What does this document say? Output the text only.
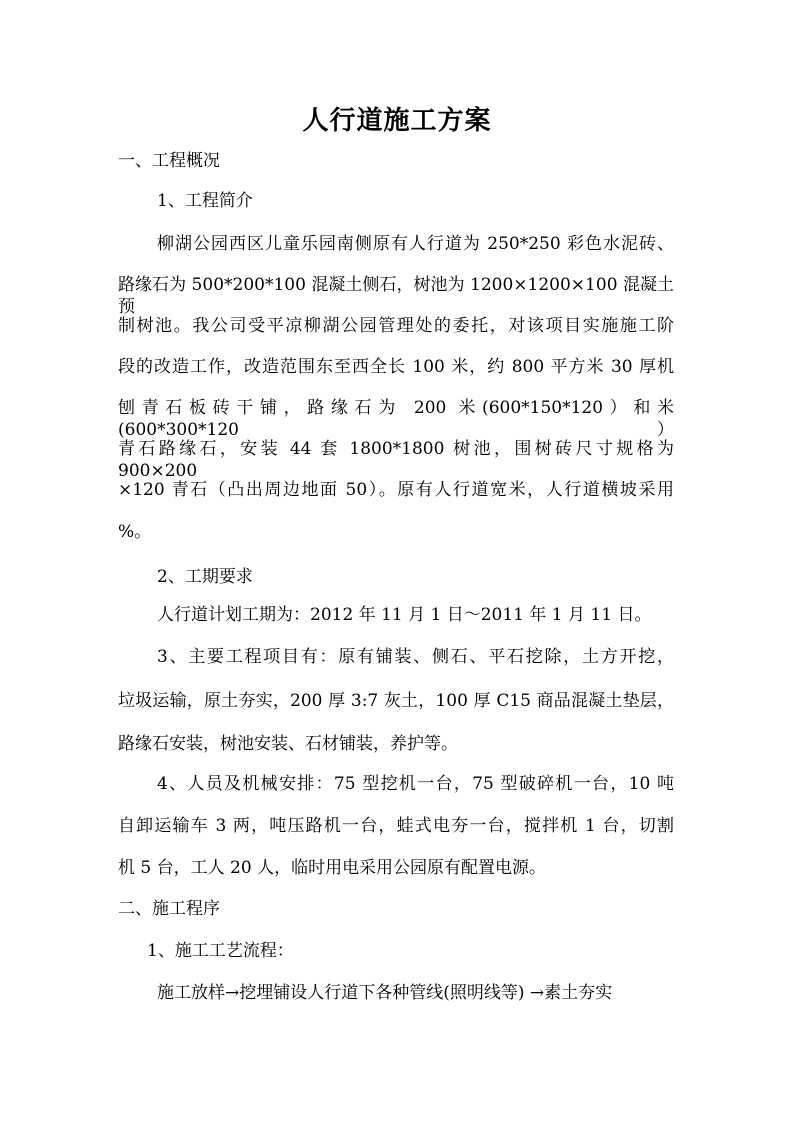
人行道施工方案
一、工程概况
1、工程简介
柳湖公园西区儿童乐园南侧原有人行道为 250*250 彩色水泥砖、
路缘石为 500*200*100 混凝土侧石，树池为 1200×1200×100 混凝土预
制树池。我公司受平凉柳湖公园管理处的委托，对该项目实施施工阶
段的改造工作，改造范围东至西全长 100 米，约 800 平方米 30 厚机
刨青石板砖干铺，路缘石为 200 米(600*150*120）和米(600*300*120）
青石路缘石，安装 44 套 1800*1800 树池，围树砖尺寸规格为 900×200
×120 青石（凸出周边地面 50）。原有人行道宽米，人行道横坡采用
%。
2、工期要求
人行道计划工期为：2012 年 11 月 1 日～2011 年 1 月 11 日。
3、主要工程项目有：原有铺装、侧石、平石挖除，土方开挖，
垃圾运输，原土夯实，200 厚 3:7 灰土，100 厚 C15 商品混凝土垫层，
路缘石安装，树池安装、石材铺装，养护等。
4、人员及机械安排：75 型挖机一台，75 型破碎机一台，10 吨
自卸运输车 3 两，吨压路机一台，蛙式电夯一台，搅拌机 1 台，切割
机 5 台，工人 20 人，临时用电采用公园原有配置电源。
二、施工程序
1、施工工艺流程：
施工放样→挖埋铺设人行道下各种管线(照明线等) →素土夯实
